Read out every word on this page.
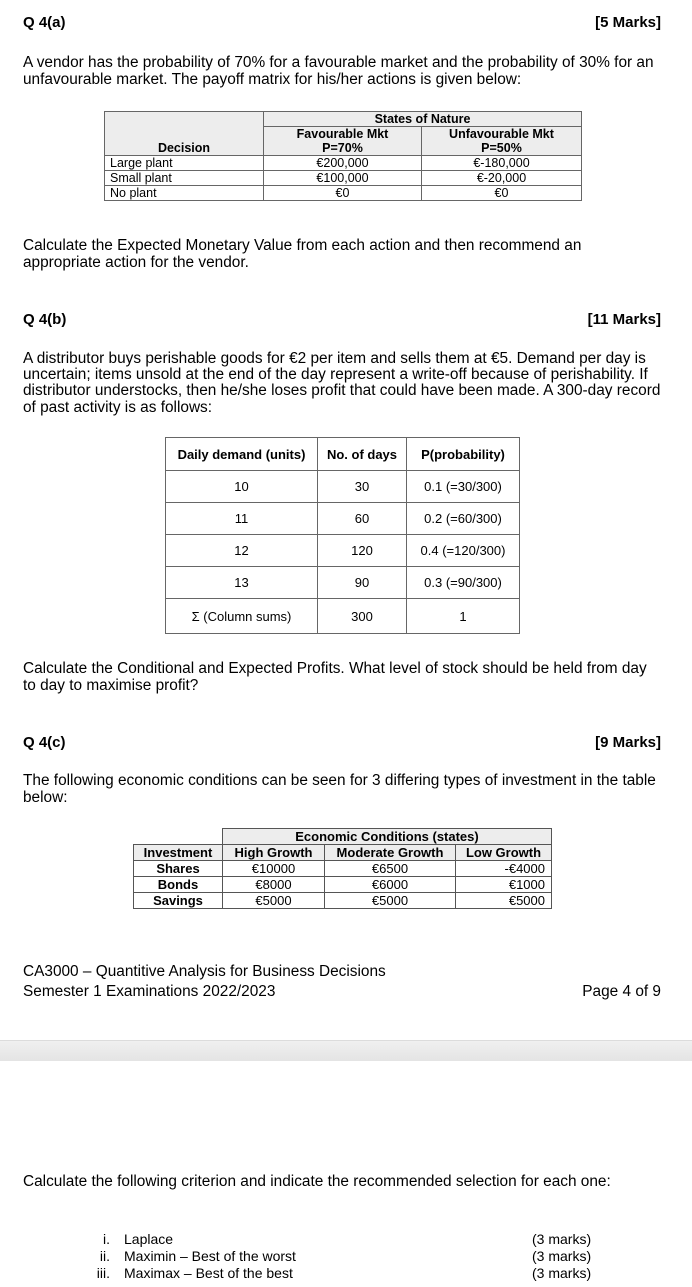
Q 4(a)	[5 Marks]
A vendor has the probability of 70% for a favourable market and the probability of 30% for an unfavourable market. The payoff matrix for his/her actions is given below:
Decision	States of Nature	
	Favourable Mkt	Unfavourable Mkt
	P=70%	P=50%
Large plant	€200,000	€-180,000
Small plant	€100,000	€-20,000
No plant	€0	€0
Calculate the Expected Monetary Value from each action and then recommend an appropriate action for the vendor.
Q 4(b)	[11 Marks]
A distributor buys perishable goods for €2 per item and sells them at €5. Demand per day is uncertain; items unsold at the end of the day represent a write-off because of perishability. If distributor understocks, then he/she loses profit that could have been made. A 300-day record of past activity is as follows:
Daily demand (units)	No. of days	P(probability)
10	30	0.1 (=30/300)
11	60	0.2 (=60/300)
12	120	0.4 (=120/300)
13	90	0.3 (=90/300)
Σ (Column sums)	300	1
Calculate the Conditional and Expected Profits. What level of stock should be held from day to day to maximise profit?
Q 4(c)	[9 Marks]
The following economic conditions can be seen for 3 differing types of investment in the table below:
	Economic Conditions (states)		
Investment	High Growth	Moderate Growth	Low Growth
Shares	€10000	€6500	-€4000
Bonds	€8000	€6000	€1000
Savings	€5000	€5000	€5000
CA3000 – Quantitive Analysis for Business Decisions
Semester 1 Examinations 2022/2023	Page 4 of 9
Calculate the following criterion and indicate the recommended selection for each one:
i. Laplace	(3 marks)
ii. Maximin – Best of the worst	(3 marks)
iii. Maximax – Best of the best	(3 marks)
